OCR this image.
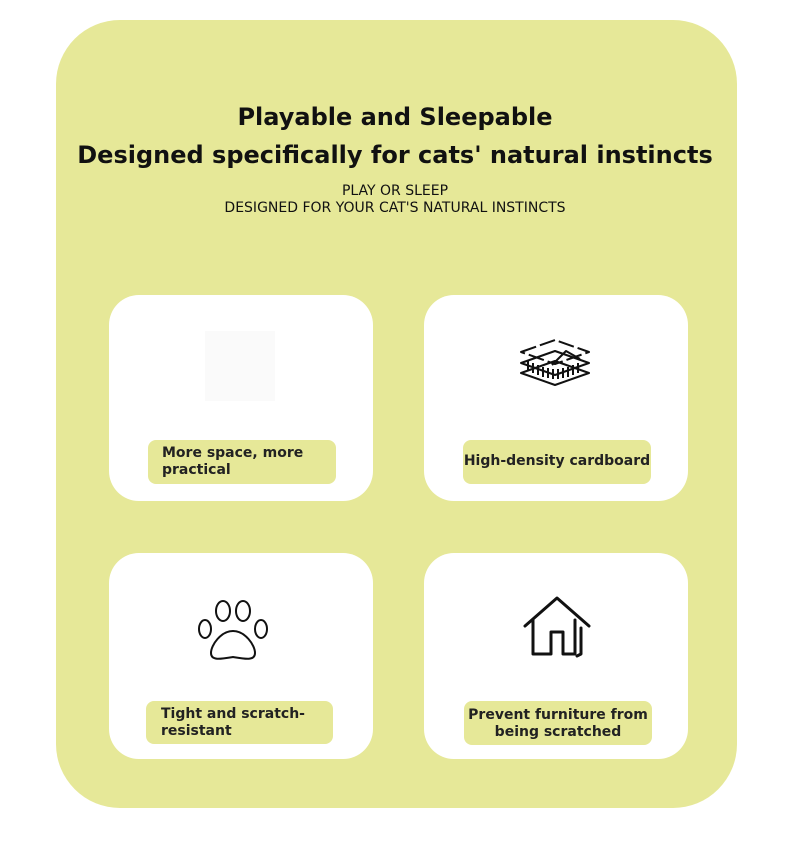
Playable and Sleepable
Designed specifically for cats' natural instincts
PLAY OR SLEEP
DESIGNED FOR YOUR CAT'S NATURAL INSTINCTS
More space, more practical
High-density cardboard
Tight and scratch-resistant
Prevent furniture from being scratched
